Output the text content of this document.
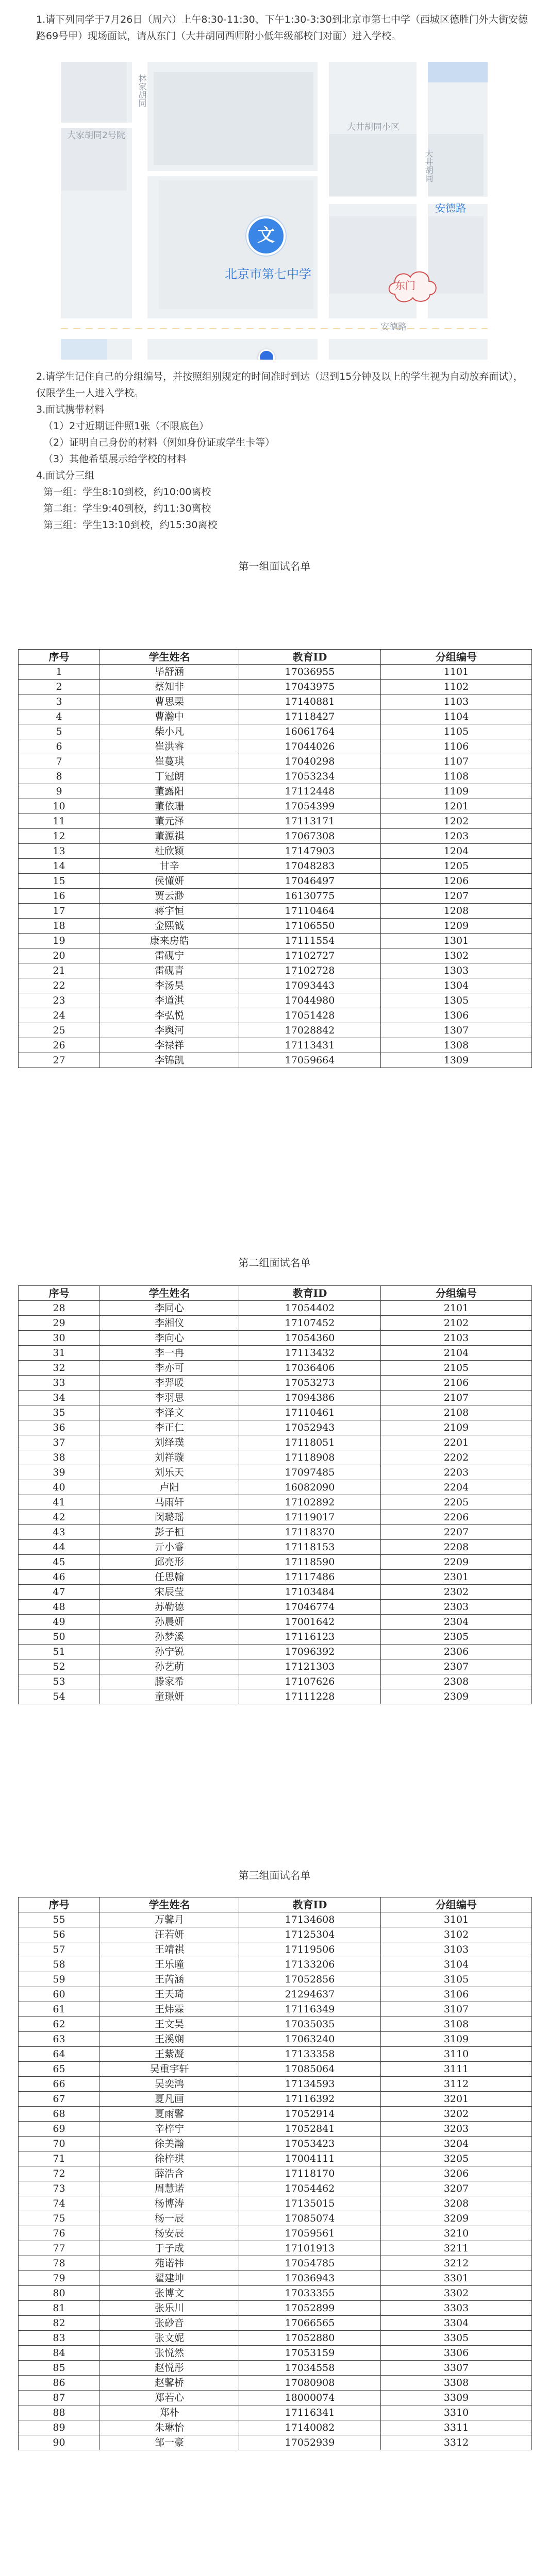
1.请下列同学于7月26日（周六）上午8:30-11:30、下午1:30-3:30到北京市第七中学（西城区德胜门外大街安德路69号甲）现场面试，请从东门（大井胡同西师附小低年级部校门对面）进入学校。
林家胡同
大家胡同2号院
大井胡同小区
大井胡同
安德路
安德路
文
北京市第七中学
东门
2.请学生记住自己的分组编号，并按照组别规定的时间准时到达（迟到15分钟及以上的学生视为自动放弃面试），仅限学生一人进入学校。
3.面试携带材料
（1）2寸近期证件照1张（不限底色）
（2）证明自己身份的材料（例如身份证或学生卡等）
（3）其他希望展示给学校的材料
4.面试分三组
第一组：学生8:10到校，约10:00离校
第二组：学生9:40到校，约11:30离校
第三组：学生13:10到校，约15:30离校
第一组面试名单
序号	学生姓名	教育ID	分组编号
1	毕舒涵	17036955	1101
2	蔡知非	17043975	1102
3	曹思栗	17140881	1103
4	曹瀚中	17118427	1104
5	柴小凡	16061764	1105
6	崔洪睿	17044026	1106
7	崔蔓琪	17040298	1107
8	丁冠朗	17053234	1108
9	董露阳	17112448	1109
10	董依珊	17054399	1201
11	董元泽	17113171	1202
12	董源祺	17067308	1203
13	杜欣颖	17147903	1204
14	甘辛	17048283	1205
15	侯懂妍	17046497	1206
16	贾云渺	16130775	1207
17	蒋宇恒	17110464	1208
18	金熙钺	17106550	1209
19	康来房皓	17111554	1301
20	雷砚宁	17102727	1302
21	雷砚青	17102728	1303
22	李汤昊	17093443	1304
23	李道淇	17044980	1305
24	李弘悦	17051428	1306
25	李舆河	17028842	1307
26	李禄祥	17113431	1308
27	李锦凯	17059664	1309
第二组面试名单
序号	学生姓名	教育ID	分组编号
28	李同心	17054402	2101
29	李湘仪	17107452	2102
30	李向心	17054360	2103
31	李一冉	17113432	2104
32	李亦可	17036406	2105
33	李羿暖	17053273	2106
34	李羽思	17094386	2107
35	李泽文	17110461	2108
36	李正仁	17052943	2109
37	刘绎璞	17118051	2201
38	刘祥璇	17118908	2202
39	刘乐天	17097485	2203
40	卢阳	16082090	2204
41	马雨轩	17102892	2205
42	闵璐瑶	17119017	2206
43	彭子桓	17118370	2207
44	亓小睿	17118153	2208
45	邱亮形	17118590	2209
46	任思翰	17117486	2301
47	宋辰莹	17103484	2302
48	苏勒德	17046774	2303
49	孙晨妍	17001642	2304
50	孙梦溪	17116123	2305
51	孙宁锐	17096392	2306
52	孙艺萌	17121303	2307
53	滕家希	17107626	2308
54	童璟妍	17111228	2309
第三组面试名单
序号	学生姓名	教育ID	分组编号
55	万馨月	17134608	3101
56	汪若妍	17125304	3102
57	王靖祺	17119506	3103
58	王乐瞳	17133206	3104
59	王芮涵	17052856	3105
60	王天琦	21294637	3106
61	王炜霖	17116349	3107
62	王文昊	17035035	3108
63	王溪娴	17063240	3109
64	王紫凝	17133358	3110
65	吴重宇轩	17085064	3111
66	吴奕鸿	17134593	3112
67	夏凡画	17116392	3201
68	夏雨馨	17052914	3202
69	辛梓宁	17052841	3203
70	徐美瀚	17053423	3204
71	徐梓琪	17004111	3205
72	薛浩含	17118170	3206
73	周慧诺	17054462	3207
74	杨博涛	17135015	3208
75	杨一辰	17085074	3209
76	杨安辰	17059561	3210
77	于子成	17101913	3211
78	苑诺祎	17054785	3212
79	翟建坤	17036943	3301
80	张博文	17033355	3302
81	张乐川	17052899	3303
82	张砂音	17066565	3304
83	张文妮	17052880	3305
84	张悦然	17053159	3306
85	赵悦彤	17034558	3307
86	赵馨桥	17080908	3308
87	郑若心	18000074	3309
88	郑朴	17116341	3310
89	朱琳怡	17140082	3311
90	邹一豪	17052939	3312
